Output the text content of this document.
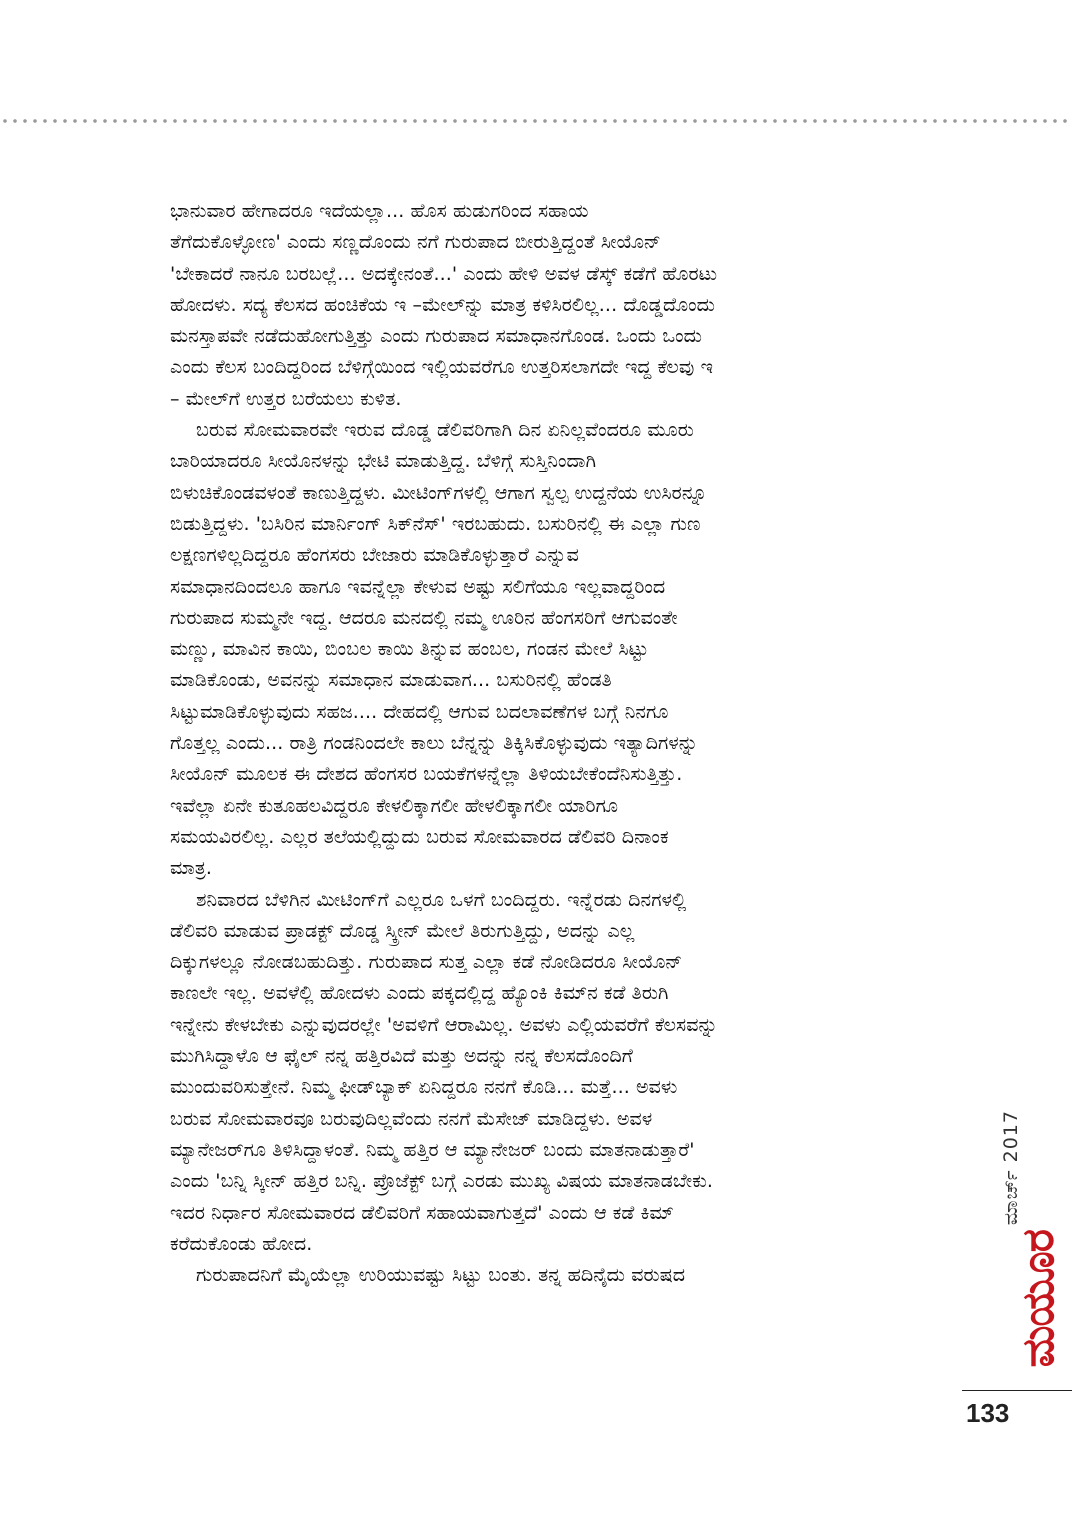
ಭಾನುವಾರ ಹೇಗಾದರೂ ಇದೆಯಲ್ಲಾ... ಹೊಸ ಹುಡುಗರಿಂದ ಸಹಾಯ
ತೆಗೆದುಕೊಳ್ಳೋಣ' ಎಂದು ಸಣ್ಣದೊಂದು ನಗೆ ಗುರುಪಾದ ಬೀರುತ್ತಿದ್ದಂತೆ ಸೀಯೊನ್
'ಬೇಕಾದರೆ ನಾನೂ ಬರಬಲ್ಲೆ... ಅದಕ್ಕೇನಂತೆ...' ಎಂದು ಹೇಳಿ ಅವಳ ಡೆಸ್ಕ್ ಕಡೆಗೆ ಹೊರಟು
ಹೋದಳು. ಸದ್ಯ ಕೆಲಸದ ಹಂಚಿಕೆಯ ಇ –ಮೇಲ್‌ನ್ನು ಮಾತ್ರ ಕಳಿಸಿರಲಿಲ್ಲ... ದೊಡ್ಡದೊಂದು
ಮನಸ್ತಾಪವೇ ನಡೆದುಹೋಗುತ್ತಿತ್ತು ಎಂದು ಗುರುಪಾದ ಸಮಾಧಾನಗೊಂಡ. ಒಂದು ಒಂದು
ಎಂದು ಕೆಲಸ ಬಂದಿದ್ದರಿಂದ ಬೆಳಿಗ್ಗೆಯಿಂದ ಇಲ್ಲಿಯವರೆಗೂ ಉತ್ತರಿಸಲಾಗದೇ ಇದ್ದ ಕೆಲವು ಇ
– ಮೇಲ್‌ಗೆ ಉತ್ತರ ಬರೆಯಲು ಕುಳಿತ.
ಬರುವ ಸೋಮವಾರವೇ ಇರುವ ದೊಡ್ಡ ಡೆಲಿವರಿಗಾಗಿ ದಿನ ಏನಿಲ್ಲವೆಂದರೂ ಮೂರು
ಬಾರಿಯಾದರೂ ಸೀಯೊನಳನ್ನು ಭೇಟಿ ಮಾಡುತ್ತಿದ್ದ. ಬೆಳಿಗ್ಗೆ ಸುಸ್ತಿನಿಂದಾಗಿ
ಬಿಳುಚಿಕೊಂಡವಳಂತೆ ಕಾಣುತ್ತಿದ್ದಳು. ಮೀಟಿಂಗ್‌ಗಳಲ್ಲಿ ಆಗಾಗ ಸ್ವಲ್ಪ ಉದ್ದನೆಯ ಉಸಿರನ್ನೂ
ಬಿಡುತ್ತಿದ್ದಳು. 'ಬಸಿರಿನ ಮಾರ್ನಿಂಗ್ ಸಿಕ್‌ನೆಸ್' ಇರಬಹುದು. ಬಸುರಿನಲ್ಲಿ ಈ ಎಲ್ಲಾ ಗುಣ
ಲಕ್ಷಣಗಳಿಲ್ಲದಿದ್ದರೂ ಹೆಂಗಸರು ಬೇಜಾರು ಮಾಡಿಕೊಳ್ಳುತ್ತಾರೆ ಎನ್ನುವ
ಸಮಾಧಾನದಿಂದಲೂ ಹಾಗೂ ಇವನ್ನೆಲ್ಲಾ ಕೇಳುವ ಅಷ್ಟು ಸಲಿಗೆಯೂ ಇಲ್ಲವಾದ್ದರಿಂದ
ಗುರುಪಾದ ಸುಮ್ಮನೇ ಇದ್ದ. ಆದರೂ ಮನದಲ್ಲಿ ನಮ್ಮ ಊರಿನ ಹೆಂಗಸರಿಗೆ ಆಗುವಂತೇ
ಮಣ್ಣು, ಮಾವಿನ ಕಾಯಿ, ಬಿಂಬಲ ಕಾಯಿ ತಿನ್ನುವ ಹಂಬಲ, ಗಂಡನ ಮೇಲೆ ಸಿಟ್ಟು
ಮಾಡಿಕೊಂಡು, ಅವನನ್ನು ಸಮಾಧಾನ ಮಾಡುವಾಗ... ಬಸುರಿನಲ್ಲಿ ಹೆಂಡತಿ
ಸಿಟ್ಟುಮಾಡಿಕೊಳ್ಳುವುದು ಸಹಜ.... ದೇಹದಲ್ಲಿ ಆಗುವ ಬದಲಾವಣೆಗಳ ಬಗ್ಗೆ ನಿನಗೂ
ಗೊತ್ತಲ್ಲ ಎಂದು... ರಾತ್ರಿ ಗಂಡನಿಂದಲೇ ಕಾಲು ಬೆನ್ನನ್ನು ತಿಕ್ಕಿಸಿಕೊಳ್ಳುವುದು ಇತ್ಯಾದಿಗಳನ್ನು
ಸೀಯೊನ್ ಮೂಲಕ ಈ ದೇಶದ ಹೆಂಗಸರ ಬಯಕೆಗಳನ್ನೆಲ್ಲಾ ತಿಳಿಯಬೇಕೆಂದೆನಿಸುತ್ತಿತ್ತು.
ಇವೆಲ್ಲಾ ಏನೇ ಕುತೂಹಲವಿದ್ದರೂ ಕೇಳಲಿಕ್ಕಾಗಲೀ ಹೇಳಲಿಕ್ಕಾಗಲೀ ಯಾರಿಗೂ
ಸಮಯವಿರಲಿಲ್ಲ. ಎಲ್ಲರ ತಲೆಯಲ್ಲಿದ್ದುದು ಬರುವ ಸೋಮವಾರದ ಡೆಲಿವರಿ ದಿನಾಂಕ
ಮಾತ್ರ.
ಶನಿವಾರದ ಬೆಳಿಗಿನ ಮೀಟಿಂಗ್‌ಗೆ ಎಲ್ಲರೂ ಒಳಗೆ ಬಂದಿದ್ದರು. ಇನ್ನೆರಡು ದಿನಗಳಲ್ಲಿ
ಡೆಲಿವರಿ ಮಾಡುವ ಪ್ರಾಡಕ್ಟ್ ದೊಡ್ಡ ಸ್ಕ್ರೀನ್ ಮೇಲೆ ತಿರುಗುತ್ತಿದ್ದು, ಅದನ್ನು ಎಲ್ಲ
ದಿಕ್ಕುಗಳಲ್ಲೂ ನೋಡಬಹುದಿತ್ತು. ಗುರುಪಾದ ಸುತ್ತ ಎಲ್ಲಾ ಕಡೆ ನೋಡಿದರೂ ಸೀಯೊನ್
ಕಾಣಲೇ ಇಲ್ಲ. ಅವಳೆಲ್ಲಿ ಹೋದಳು ಎಂದು ಪಕ್ಕದಲ್ಲಿದ್ದ ಹ್ಯೊಂಕಿ ಕಿಮ್‌ನ ಕಡೆ ತಿರುಗಿ
ಇನ್ನೇನು ಕೇಳಬೇಕು ಎನ್ನುವುದರಲ್ಲೇ 'ಅವಳಿಗೆ ಆರಾಮಿಲ್ಲ. ಅವಳು ಎಲ್ಲಿಯವರೆಗೆ ಕೆಲಸವನ್ನು
ಮುಗಿಸಿದ್ದಾಳೊ ಆ ಫೈಲ್ ನನ್ನ ಹತ್ತಿರವಿದೆ ಮತ್ತು ಅದನ್ನು ನನ್ನ ಕೆಲಸದೊಂದಿಗೆ
ಮುಂದುವರಿಸುತ್ತೇನೆ. ನಿಮ್ಮ ಫೀಡ್‌ಬ್ಯಾಕ್ ಏನಿದ್ದರೂ ನನಗೆ ಕೊಡಿ... ಮತ್ತೆ... ಅವಳು
ಬರುವ ಸೋಮವಾರವೂ ಬರುವುದಿಲ್ಲವೆಂದು ನನಗೆ ಮೆಸೇಜ್ ಮಾಡಿದ್ದಳು. ಅವಳ
ಮ್ಯಾನೇಜರ್‌ಗೂ ತಿಳಿಸಿದ್ದಾಳಂತೆ. ನಿಮ್ಮ ಹತ್ತಿರ ಆ ಮ್ಯಾನೇಜರ್ ಬಂದು ಮಾತನಾಡುತ್ತಾರೆ'
ಎಂದು 'ಬನ್ನಿ ಸ್ಕೀನ್ ಹತ್ತಿರ ಬನ್ನಿ. ಪ್ರೊಜೆಕ್ಟ್ ಬಗ್ಗೆ ಎರಡು ಮುಖ್ಯ ವಿಷಯ ಮಾತನಾಡಬೇಕು.
ಇದರ ನಿರ್ಧಾರ ಸೋಮವಾರದ ಡೆಲಿವರಿಗೆ ಸಹಾಯವಾಗುತ್ತದೆ' ಎಂದು ಆ ಕಡೆ ಕಿಮ್
ಕರೆದುಕೊಂಡು ಹೋದ.
ಗುರುಪಾದನಿಗೆ ಮೈಯೆಲ್ಲಾ ಉರಿಯುವಷ್ಟು ಸಿಟ್ಟು ಬಂತು. ತನ್ನ ಹದಿನೈದು ವರುಷದ
ಮಾರ್ಚ್ 2017
ಮಯೂರ
133
